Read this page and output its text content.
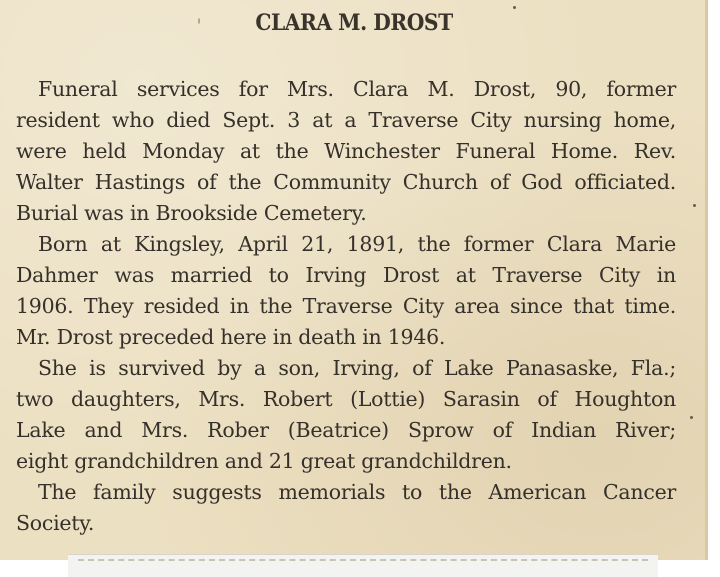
CLARA M. DROST
Funeral services for Mrs. Clara M. Drost, 90, former
resident who died Sept. 3 at a Traverse City nursing home,
were held Monday at the Winchester Funeral Home. Rev.
Walter Hastings of the Community Church of God officiated.
Burial was in Brookside Cemetery.
Born at Kingsley, April 21, 1891, the former Clara Marie
Dahmer was married to Irving Drost at Traverse City in
1906. They resided in the Traverse City area since that time.
Mr. Drost preceded here in death in 1946.
She is survived by a son, Irving, of Lake Panasaske, Fla.;
two daughters, Mrs. Robert (Lottie) Sarasin of Houghton
Lake and Mrs. Rober (Beatrice) Sprow of Indian River;
eight grandchildren and 21 great grandchildren.
The family suggests memorials to the American Cancer
Society.
